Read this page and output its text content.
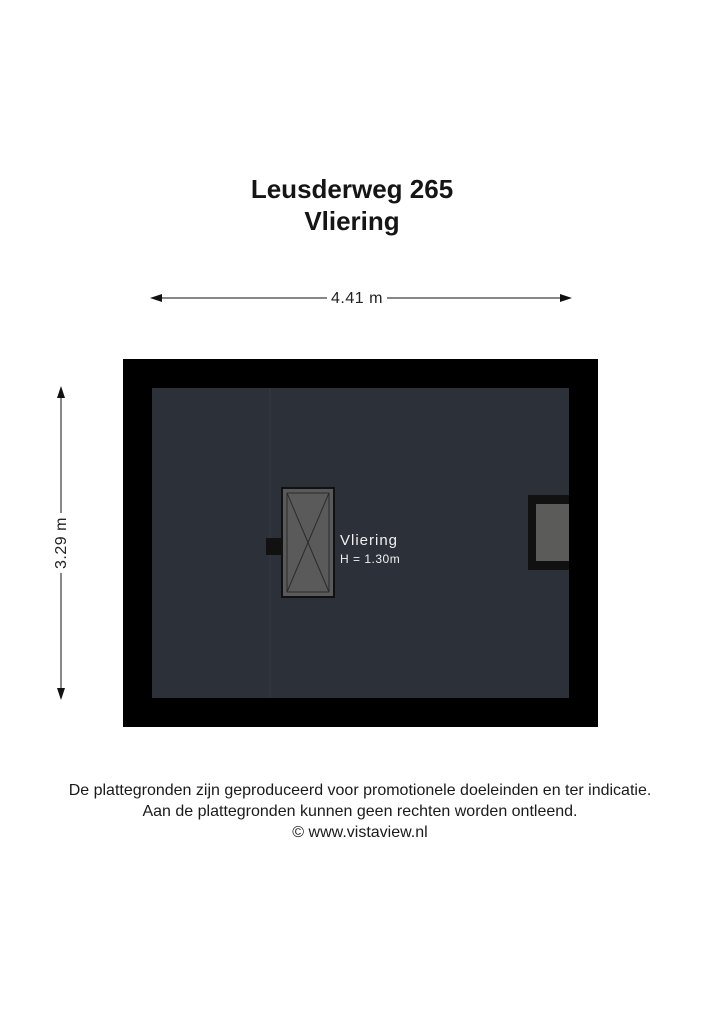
Leusderweg 265
Vliering
4.41 m
3.29 m	Vliering
H = 1.30m
De plattegronden zijn geproduceerd voor promotionele doeleinden en ter indicatie.
Aan de plattegronden kunnen geen rechten worden ontleend.
© www.vistaview.nl
